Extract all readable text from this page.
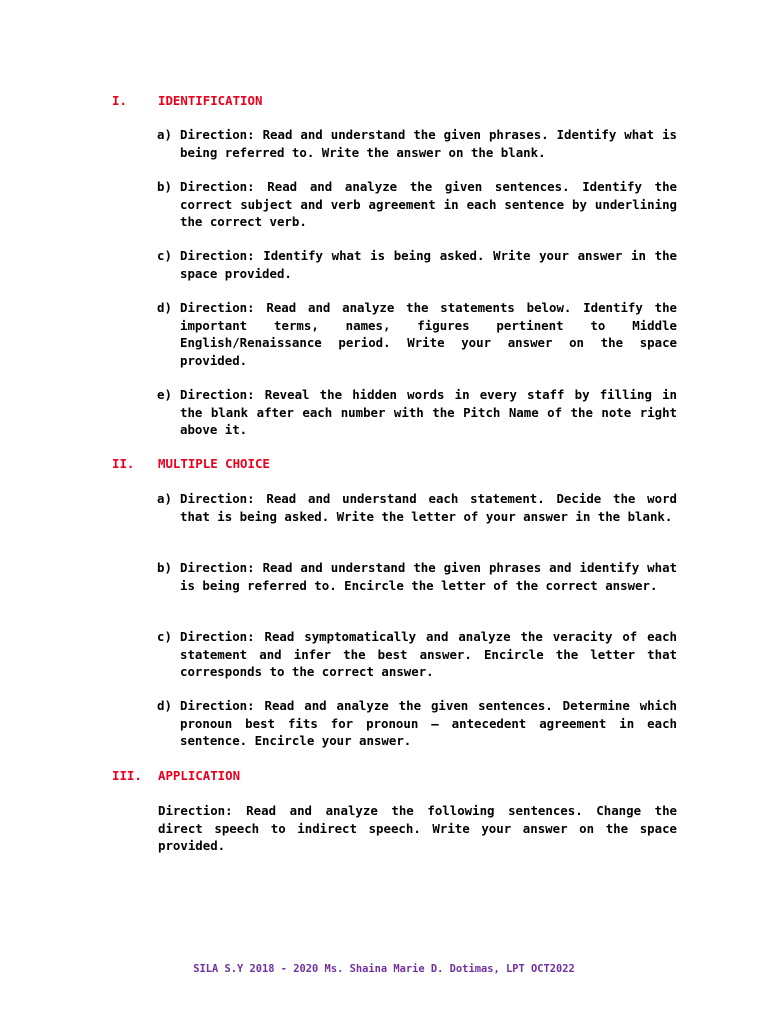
I.	IDENTIFICATION
a) Direction: Read and understand the given phrases. Identify what is being referred to. Write the answer on the blank.
b) Direction: Read and analyze the given sentences. Identify the correct subject and verb agreement in each sentence by underlining the correct verb.
c) Direction: Identify what is being asked. Write your answer in the space provided.
d) Direction: Read and analyze the statements below. Identify the important terms, names, figures pertinent to Middle English/Renaissance period. Write your answer on the space provided.
e) Direction: Reveal the hidden words in every staff by filling in the blank after each number with the Pitch Name of the note right above it.
II. MULTIPLE CHOICE
a) Direction: Read and understand each statement. Decide the word that is being asked. Write the letter of your answer in the blank.
b) Direction: Read and understand the given phrases and identify what is being referred to. Encircle the letter of the correct answer.
c) Direction: Read symptomatically and analyze the veracity of each statement and infer the best answer. Encircle the letter that corresponds to the correct answer.
d) Direction: Read and analyze the given sentences. Determine which pronoun best fits for pronoun – antecedent agreement in each sentence. Encircle your answer.
III. APPLICATION
Direction: Read and analyze the following sentences. Change the direct speech to indirect speech. Write your answer on the space provided.
SILA S.Y 2018 - 2020 Ms. Shaina Marie D. Dotimas, LPT OCT2022
